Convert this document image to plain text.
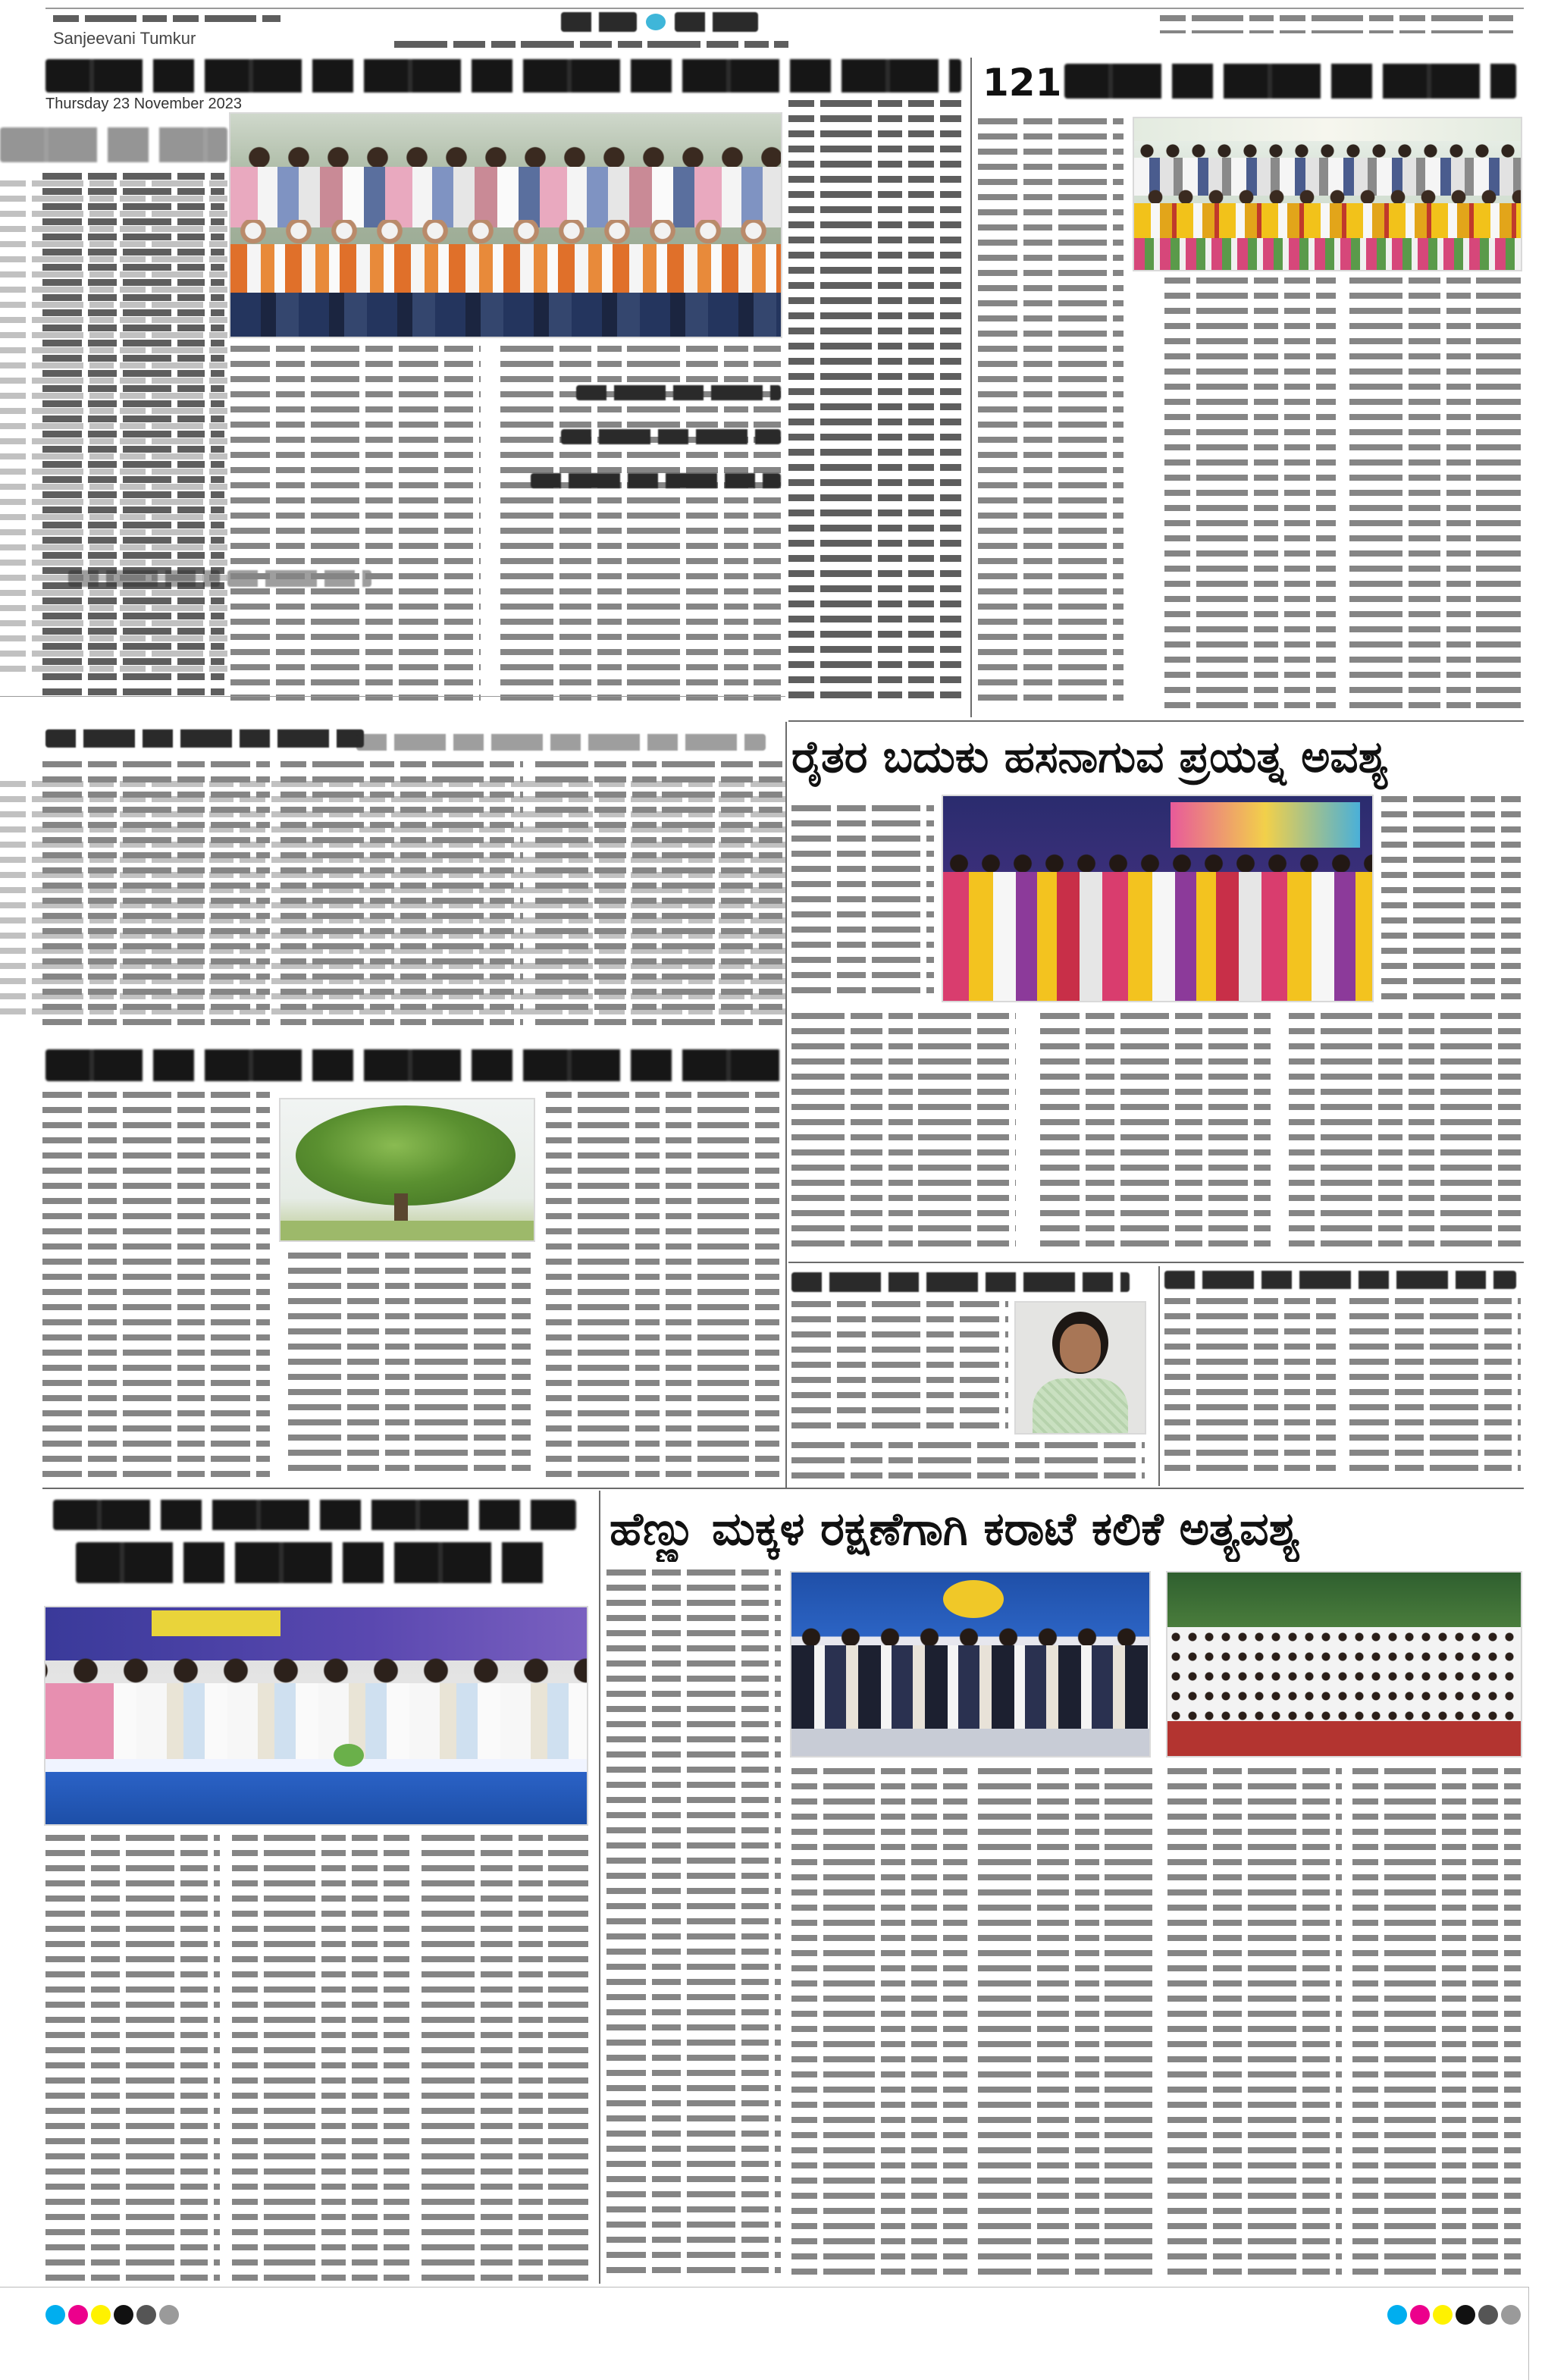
Sanjeevani Tumkur
Thursday 23 November 2023	121
ರೈತರ ಬದುಕು ಹಸನಾಗುವ ಪ್ರಯತ್ನ ಅವಶ್ಯ
ಹೆಣ್ಣು ಮಕ್ಕಳ ರಕ್ಷಣೆಗಾಗಿ ಕರಾಟೆ ಕಲಿಕೆ ಅತ್ಯವಶ್ಯ
